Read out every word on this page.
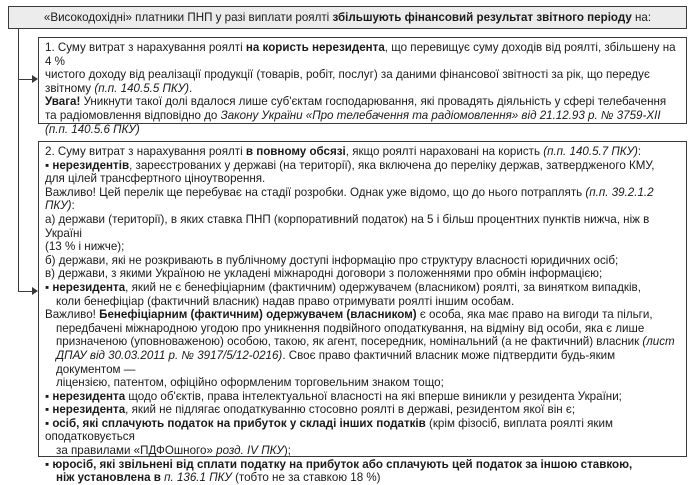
«Високодохідні» платники ПНП у разі виплати роялті збільшують фінансовий результат звітного періоду на:

1. Суму витрат з нарахування роялті на користь нерезидента, що перевищує суму доходів від роялті, збільшену на 4 %

чистого доходу від реалізації продукції (товарів, робіт, послуг) за даними фінансової звітності за рік, що передує

звітному (п.п. 140.5.5 ПКУ).

Увага! Уникнути такої долі вдалося лише суб'єктам господарювання, які провадять діяльність у сфері телебачення

та радіомовлення відповідно до Закону України «Про телебачення та радіомовлення» від 21.12.93 р. № 3759-XII

(п.п. 140.5.6 ПКУ)

2. Суму витрат з нарахування роялті в повному обсязі, якщо роялті нараховані на користь (п.п. 140.5.7 ПКУ):

▪ нерезидентів, зареєстрованих у державі (на території), яка включена до переліку держав, затвердженого КМУ,

для цілей трансфертного ціноутворення.

Важливо! Цей перелік ще перебуває на стадії розробки. Однак уже відомо, що до нього потраплять (п.п. 39.2.1.2 ПКУ):

а) держави (території), в яких ставка ПНП (корпоративний податок) на 5 і більш процентних пунктів нижча, ніж в Україні

(13 % і нижче);

б) держави, які не розкривають в публічному доступі інформацію про структуру власності юридичних осіб;

в) держави, з якими Україною не укладені міжнародні договори з положеннями про обмін інформацією;

▪ нерезидента, який не є бенефіціарним (фактичним) одержувачем (власником) роялті, за винятком випадків,

коли бенефіціар (фактичний власник) надав право отримувати роялті іншим особам.

Важливо! Бенефіціарним (фактичним) одержувачем (власником) є особа, яка має право на вигоди та пільги,

передбачені міжнародною угодою про уникнення подвійного оподаткування, на відміну від особи, яка є лише

призначеною (уповноваженою) особою, такою, як агент, посередник, номінальний (а не фактичний) власник (лист

ДПАУ від 30.03.2011 р. № 3917/5/12-0216). Своє право фактичний власник може підтвердити будь-яким документом —

ліцензією, патентом, офіційно оформленим торговельним знаком тощо;

▪ нерезидента щодо об'єктів, права інтелектуальної власності на які вперше виникли у резидента України;

▪ нерезидента, який не підлягає оподаткуванню стосовно роялті в державі, резидентом якої він є;

▪ осіб, які сплачують податок на прибуток у складі інших податків (крім фізосіб, виплата роялті яким оподатковується

за правилами «ПДФОшного» розд. IV ПКУ);

▪ юросіб, які звільнені від сплати податку на прибуток або сплачують цей податок за іншою ставкою,

ніж установлена в п. 136.1 ПКУ (тобто не за ставкою 18 %)
